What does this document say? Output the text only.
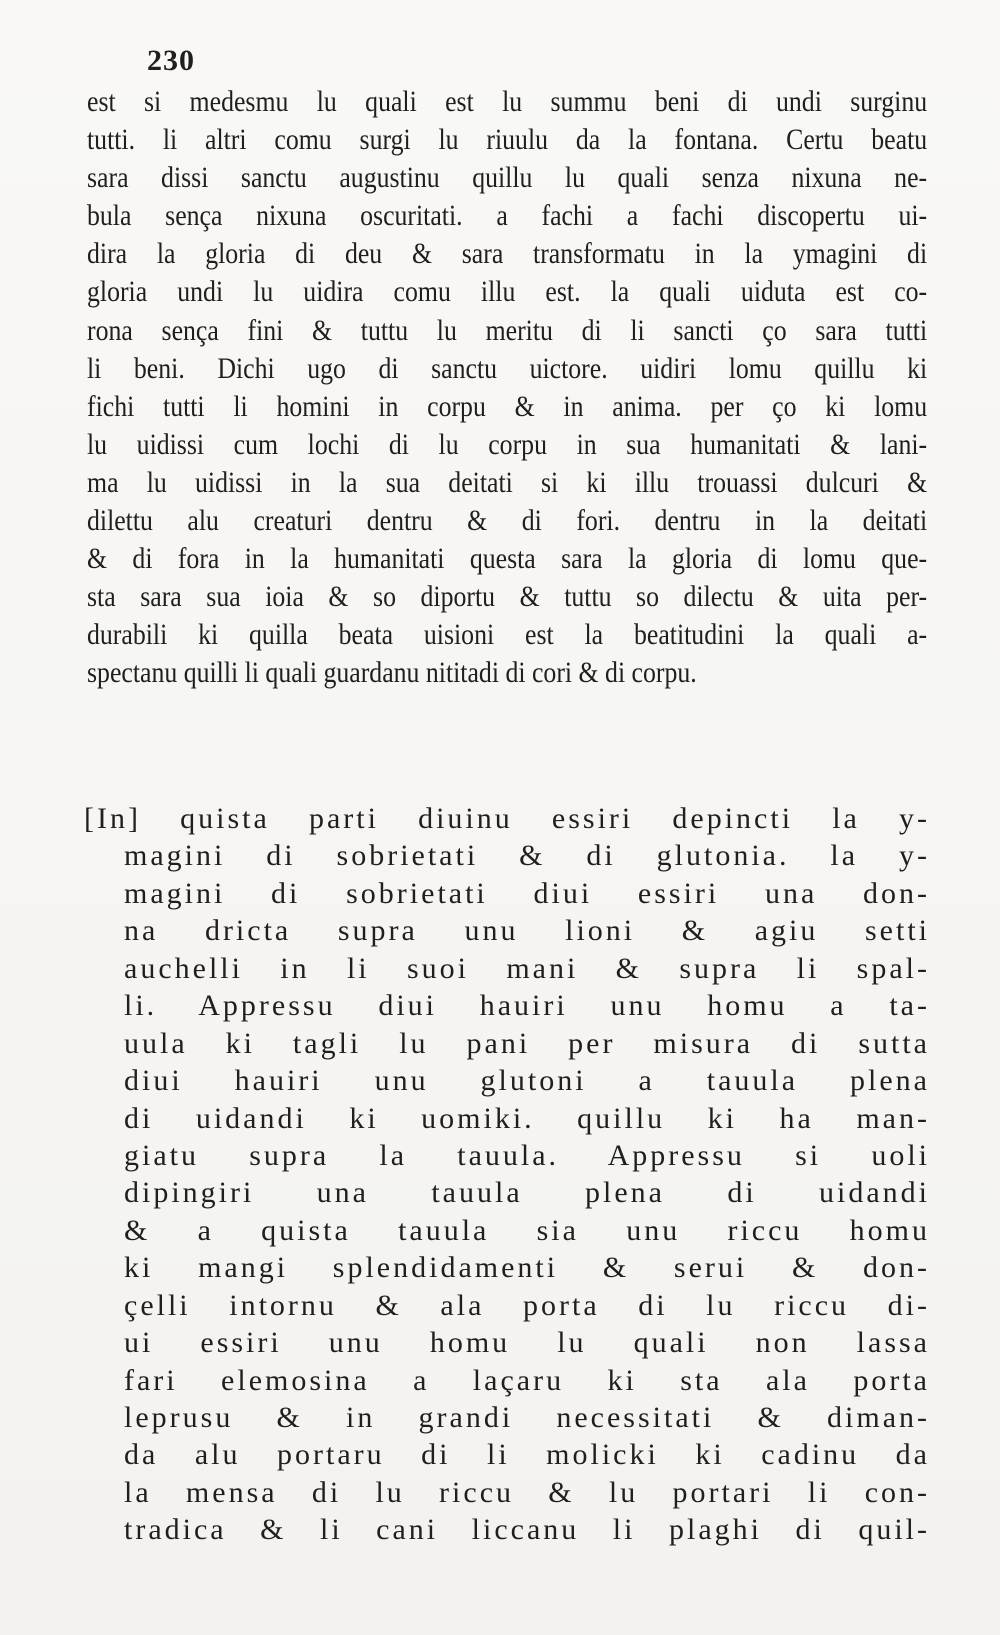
230
est si medesmu lu quali est lu summu beni di undi surginu
tutti. li altri comu surgi lu riuulu da la fontana. Certu beatu
sara dissi sanctu augustinu quillu lu quali senza nixuna ne-
bula sença nixuna oscuritati. a fachi a fachi discopertu ui-
dira la gloria di deu & sara transformatu in la ymagini di
gloria undi lu uidira comu illu est. la quali uiduta est co-
rona sença fini & tuttu lu meritu di li sancti ço sara tutti
li beni. Dichi ugo di sanctu uictore. uidiri lomu quillu ki
fichi tutti li homini in corpu & in anima. per ço ki lomu
lu uidissi cum lochi di lu corpu in sua humanitati & lani-
ma lu uidissi in la sua deitati si ki illu trouassi dulcuri &
dilettu alu creaturi dentru & di fori. dentru in la deitati
& di fora in la humanitati questa sara la gloria di lomu que-
sta sara sua ioia & so diportu & tuttu so dilectu & uita per-
durabili ki quilla beata uisioni est la beatitudini la quali a-
spectanu quilli li quali guardanu nititadi di cori & di corpu.
[In] quista parti diuinu essiri depincti la y-
magini di sobrietati & di glutonia. la y-
magini di sobrietati diui essiri una don-
na dricta supra unu lioni & agiu setti
auchelli in li suoi mani & supra li spal-
li. Appressu diui hauiri unu homu a ta-
uula ki tagli lu pani per misura di sutta
diui hauiri unu glutoni a tauula plena
di uidandi ki uomiki. quillu ki ha man-
giatu supra la tauula. Appressu si uoli
dipingiri una tauula plena di uidandi
& a quista tauula sia unu riccu homu
ki mangi splendidamenti & serui & don-
çelli intornu & ala porta di lu riccu di-
ui essiri unu homu lu quali non lassa
fari elemosina a laçaru ki sta ala porta
leprusu & in grandi necessitati & diman-
da alu portaru di li molicki ki cadinu da
la mensa di lu riccu & lu portari li con-
tradica & li cani liccanu li plaghi di quil-
